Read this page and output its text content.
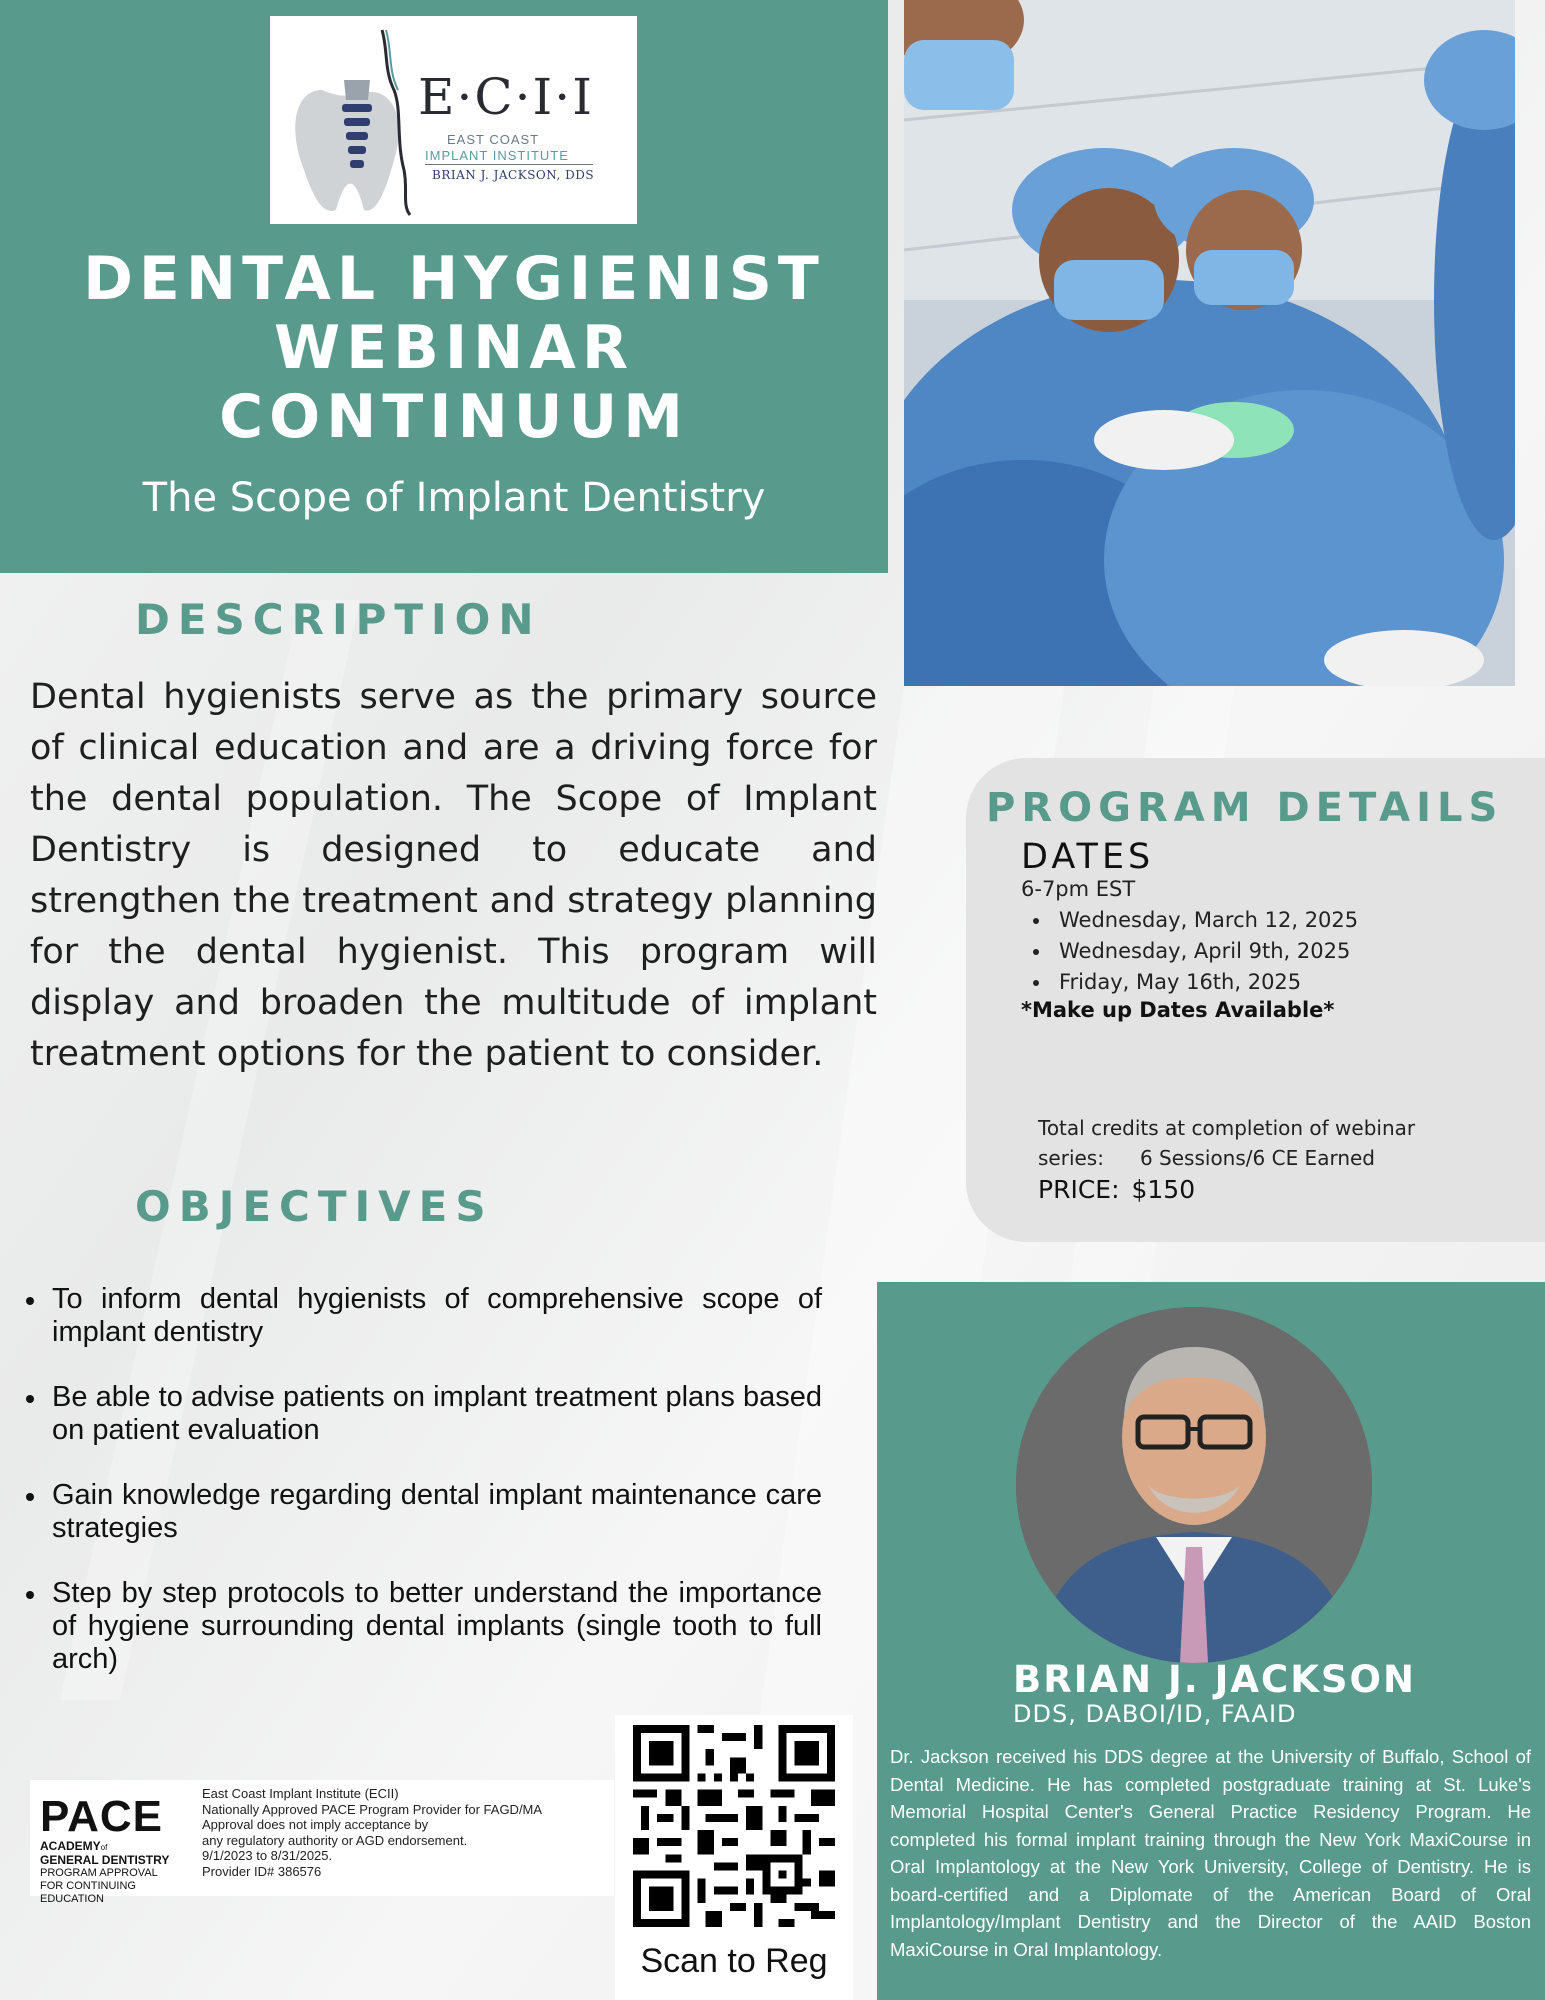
E·C·I·I
EAST COAST
IMPLANT INSTITUTE
BRIAN J. JACKSON, DDS
DENTAL HYGIENIST
WEBINAR
CONTINUUM
The Scope of Implant Dentistry
DESCRIPTION

Dental hygienists serve as the primary source of clinical education and are a driving force for the dental population. The Scope of Implant Dentistry is designed to educate and strengthen the treatment and strategy planning for the dental hygienist. This program will display and broaden the multitude of implant treatment options for the patient to consider.

OBJECTIVES
To inform dental hygienists of comprehensive scope of implant dentistry
Be able to advise patients on implant treatment plans based on patient evaluation
Gain knowledge regarding dental implant maintenance care strategies
Step by step protocols to better understand the importance of hygiene surrounding dental implants (single tooth to full arch)
PROGRAM DETAILS
DATES
6-7pm EST
Wednesday, March 12, 2025
Wednesday, April 9th, 2025
Friday, May 16th, 2025
*Make up Dates Available*
Total credits at completion of webinar
series: 6 Sessions/6 CE Earned
PRICE: $150
BRIAN J. JACKSON
DDS, DABOI/ID, FAAID

Dr. Jackson received his DDS degree at the University of Buffalo, School of Dental Medicine. He has completed postgraduate training at St. Luke's Memorial Hospital Center's General Practice Residency Program. He completed his formal implant training through the New York MaxiCourse in Oral Implantology at the New York University, College of Dentistry. He is board-certified and a Diplomate of the American Board of Oral Implantology/Implant Dentistry and the Director of the AAID Boston MaxiCourse in Oral Implantology.

PACE
ACADEMYof
GENERAL DENTISTRY
PROGRAM APPROVAL
FOR CONTINUING
EDUCATION
East Coast Implant Institute (ECII)
Nationally Approved PACE Program Provider for FAGD/MA
Approval does not imply acceptance by
any regulatory authority or AGD endorsement.
9/1/2023 to 8/31/2025.
Provider ID# 386576
Scan to Reg
